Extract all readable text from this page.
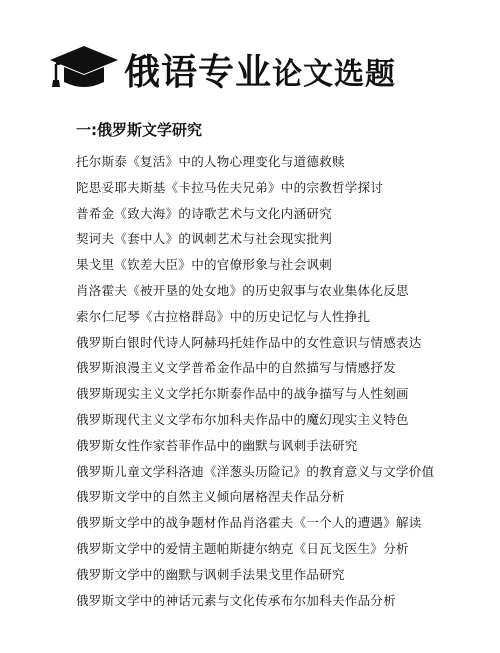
俄语专业论文选题
一:俄罗斯文学研究
托尔斯泰《复活》中的人物心理变化与道德救赎
陀思妥耶夫斯基《卡拉马佐夫兄弟》中的宗教哲学探讨
普希金《致大海》的诗歌艺术与文化内涵研究
契诃夫《套中人》的讽刺艺术与社会现实批判
果戈里《钦差大臣》中的官僚形象与社会讽刺
肖洛霍夫《被开垦的处女地》的历史叙事与农业集体化反思
索尔仁尼琴《古拉格群岛》中的历史记忆与人性挣扎
俄罗斯白银时代诗人阿赫玛托娃作品中的女性意识与情感表达
俄罗斯浪漫主义文学普希金作品中的自然描写与情感抒发
俄罗斯现实主义文学托尔斯泰作品中的战争描写与人性刻画
俄罗斯现代主义文学布尔加科夫作品中的魔幻现实主义特色
俄罗斯女性作家苔菲作品中的幽默与讽刺手法研究
俄罗斯儿童文学科洛迪《洋葱头历险记》的教育意义与文学价值
俄罗斯文学中的自然主义倾向屠格涅夫作品分析
俄罗斯文学中的战争题材作品肖洛霍夫《一个人的遭遇》解读
俄罗斯文学中的爱情主题帕斯捷尔纳克《日瓦戈医生》分析
俄罗斯文学中的幽默与讽刺手法果戈里作品研究
俄罗斯文学中的神话元素与文化传承布尔加科夫作品分析
